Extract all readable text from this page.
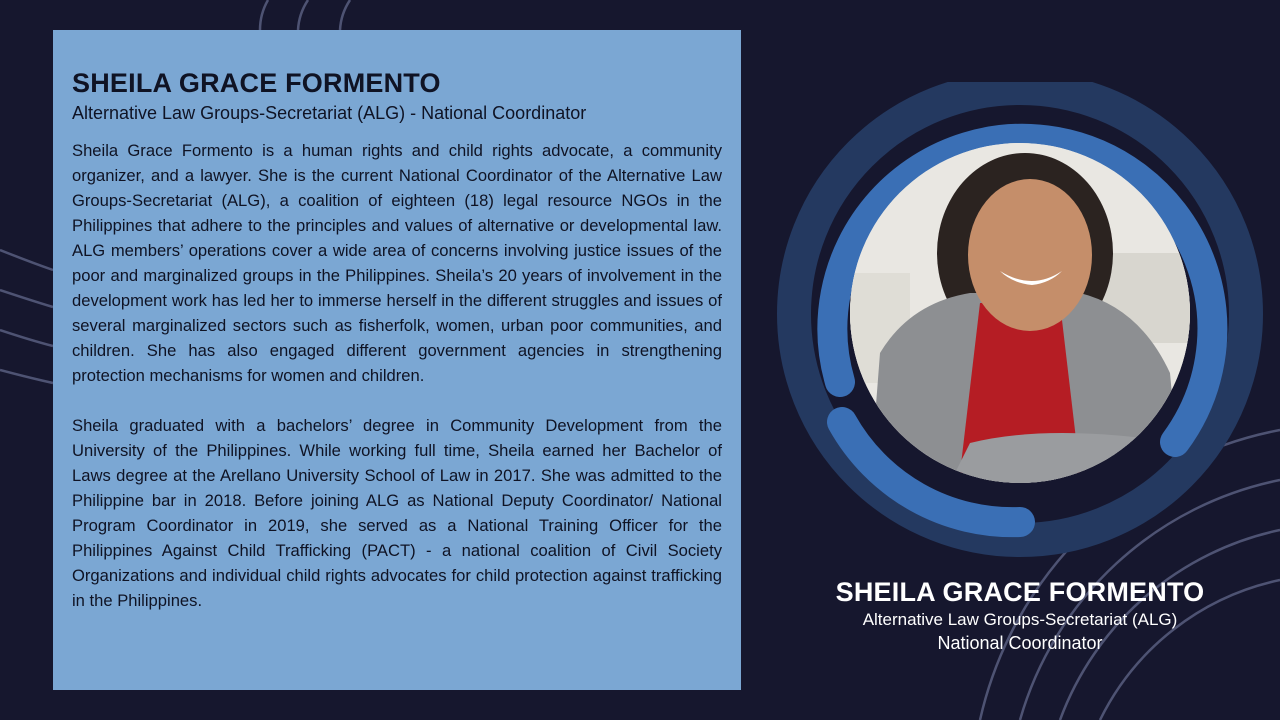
SHEILA GRACE FORMENTO
Alternative Law Groups-Secretariat (ALG) - National Coordinator

Sheila Grace Formento is a human rights and child rights advocate, a community organizer, and a lawyer. She is the current National Coordinator of the Alternative Law Groups-Secretariat (ALG), a coalition of eighteen (18) legal resource NGOs in the Philippines that adhere to the principles and values of alternative or developmental law. ALG members’ operations cover a wide area of concerns involving justice issues of the poor and marginalized groups in the Philippines. Sheila’s 20 years of involvement in the development work has led her to immerse herself in the different struggles and issues of several marginalized sectors such as fisherfolk, women, urban poor communities, and children. She has also engaged different government agencies in strengthening protection mechanisms for women and children.

Sheila graduated with a bachelors’ degree in Community Development from the University of the Philippines. While working full time, Sheila earned her Bachelor of Laws degree at the Arellano University School of Law in 2017. She was admitted to the Philippine bar in 2018. Before joining ALG as National Deputy Coordinator/ National Program Coordinator in 2019, she served as a National Training Officer for the Philippines Against Child Trafficking (PACT) - a national coalition of Civil Society Organizations and individual child rights advocates for child protection against trafficking in the Philippines.	SHEILA GRACE FORMENTO
Alternative Law Groups-Secretariat (ALG)
National Coordinator
